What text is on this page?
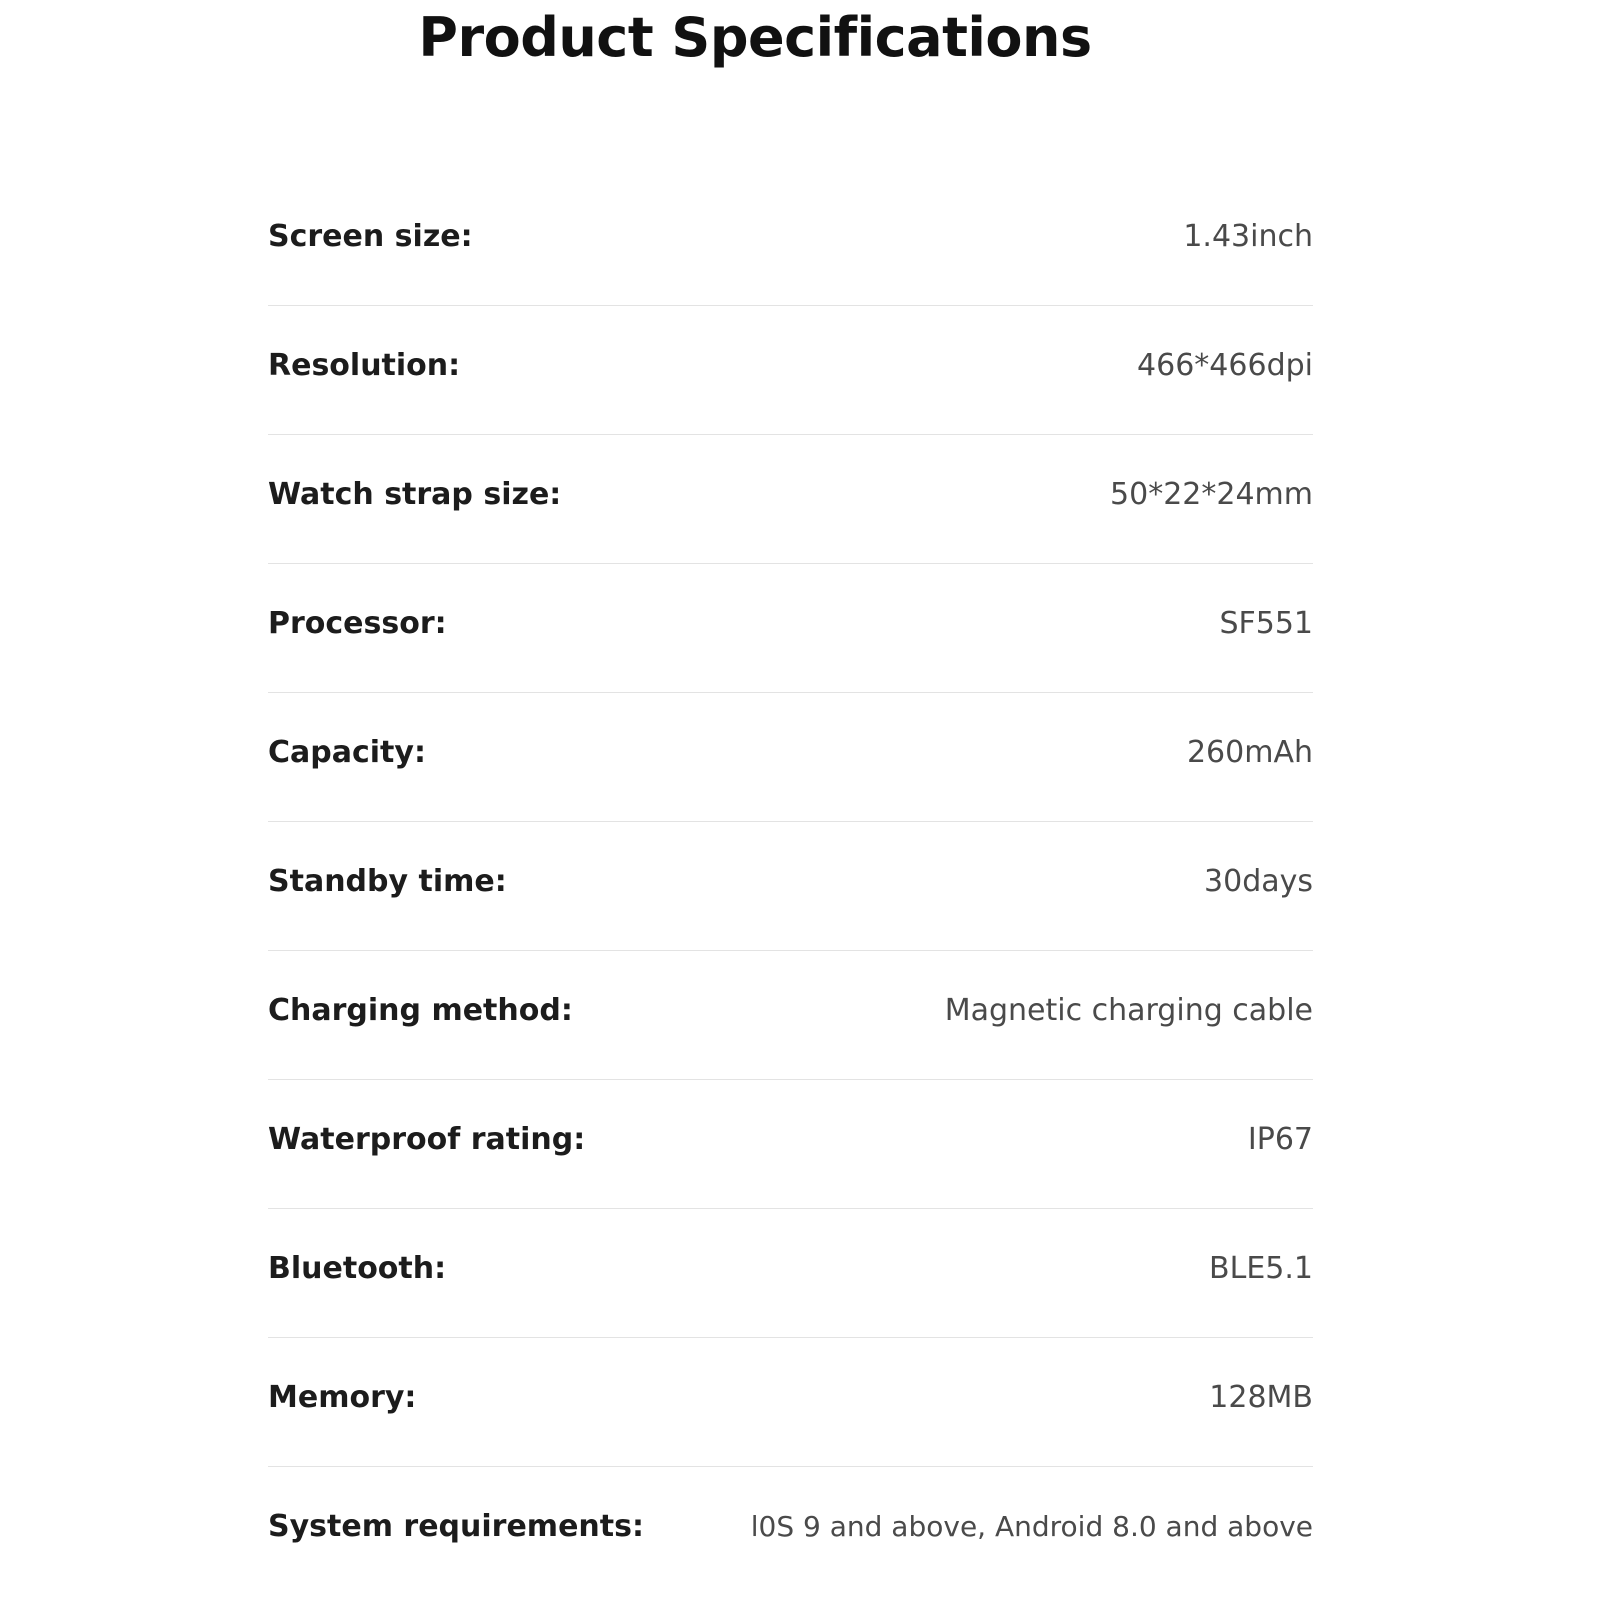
Product Specifications
Screen size:	1.43inch
Resolution:	466*466dpi
Watch strap size:	50*22*24mm
Processor:	SF551
Capacity:	260mAh
Standby time:	30days
Charging method:	Magnetic charging cable
Waterproof rating:	IP67
Bluetooth:	BLE5.1
Memory:	128MB
System requirements:	l0S 9 and above, Android 8.0 and above
